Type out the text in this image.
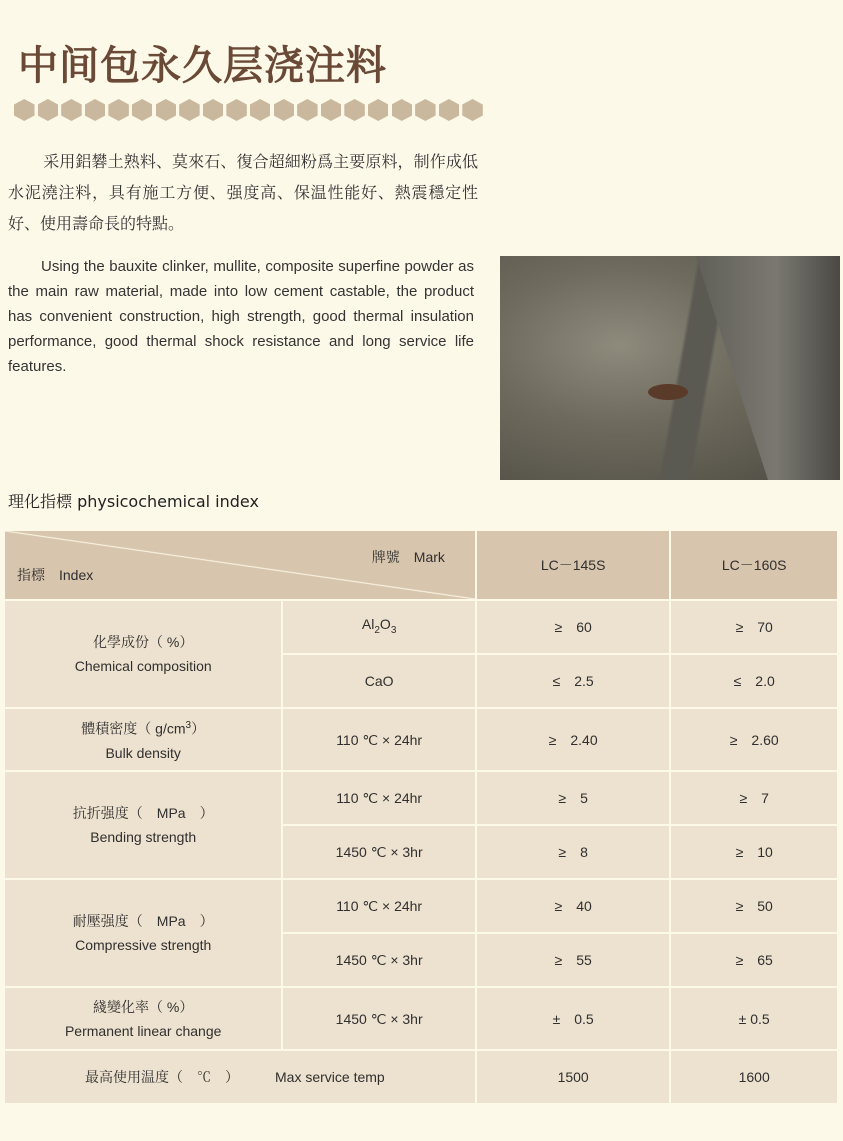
中间包永久层浇注料

采用鋁礬土熟料、莫來石、復合超細粉爲主要原料，制作成低水泥澆注料，具有施工方便、强度高、保温性能好、熱震穩定性好、使用壽命長的特點。

Using the bauxite clinker, mullite, composite superfine powder as the main raw material, made into low cement castable, the product has convenient construction, high strength, good thermal insulation performance, good thermal shock resistance and long service life features.

理化指標 physicochemical index
牌號　Mark
指標　Index		LC－145S	LC－160S
化學成份（ %）
Chemical composition	$Al_2O_3$	≥　60	≥　70
	CaO	≤　2.5	≤　2.0
體積密度（ $g/cm^3$）
Bulk density	110 ℃ × 24hr	≥　2.40	≥　2.60
抗折强度（　MPa　）
Bending strength	110 ℃ × 24hr	≥　5	≥　7
	1450 ℃ × 3hr	≥　8	≥　10
耐壓强度（　MPa　）
Compressive strength	110 ℃ × 24hr	≥　40	≥　50
	1450 ℃ × 3hr	≥　55	≥　65
綫變化率（ %）
Permanent linear change	1450 ℃ × 3hr	±　0.5	± 0.5
最高使用温度（　℃　） Max service temp		1500	1600
